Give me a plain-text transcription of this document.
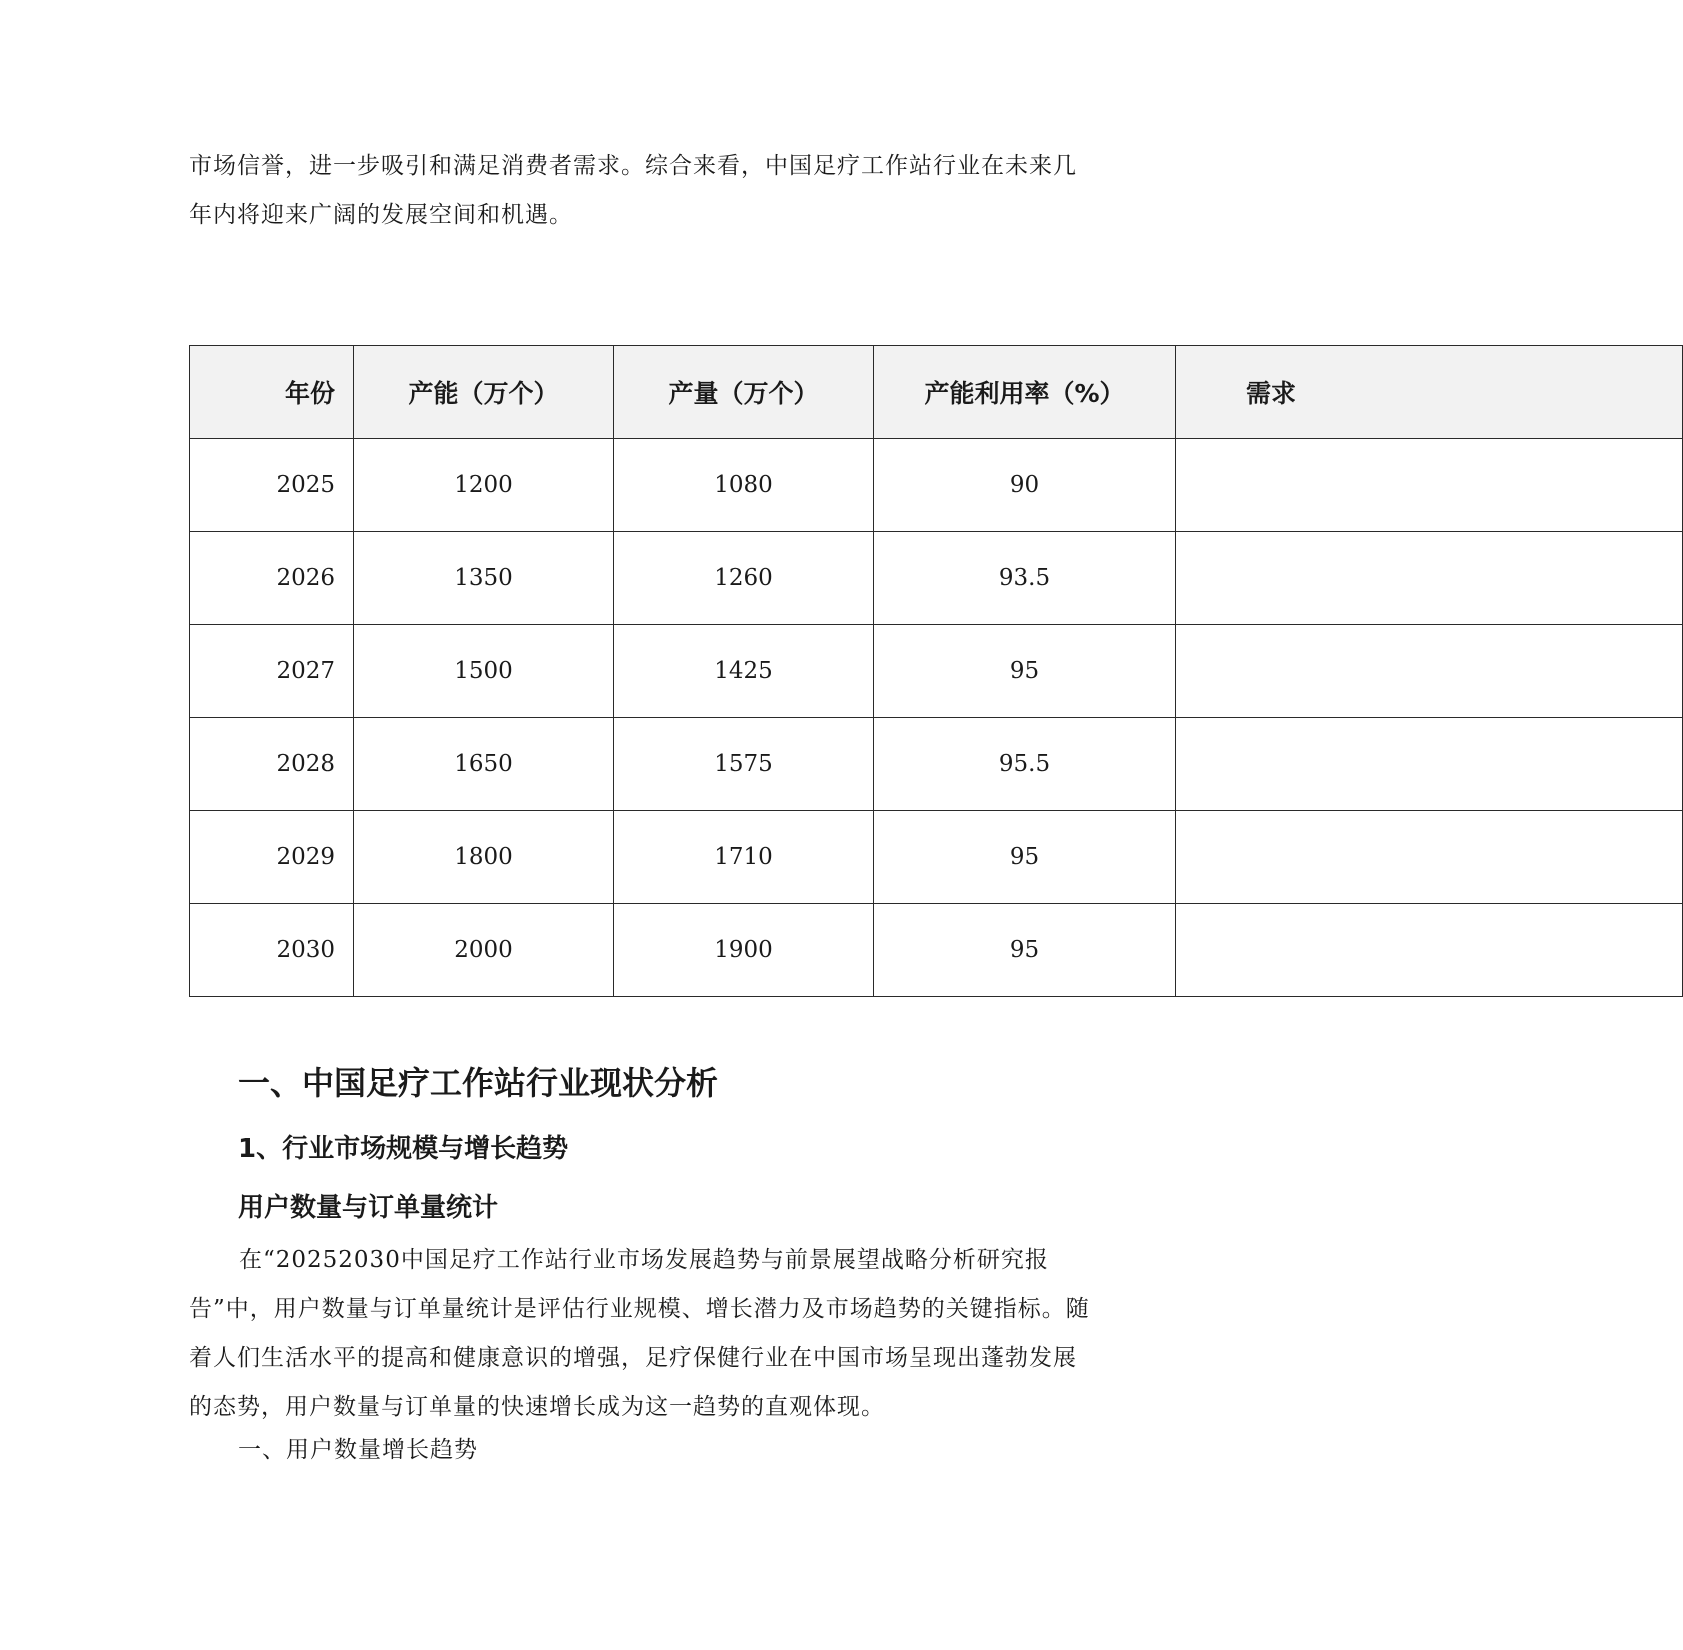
市场信誉，进一步吸引和满足消费者需求。综合来看，中国足疗工作站行业在未来几年内将迎来广阔的发展空间和机遇。

年份	产能（万个）	产量（万个）	产能利用率（%）	需求
2025	1200	1080	90	
2026	1350	1260	93.5	
2027	1500	1425	95	
2028	1650	1575	95.5	
2029	1800	1710	95	
2030	2000	1900	95	
一、中国足疗工作站行业现状分析
1、行业市场规模与增长趋势
用户数量与订单量统计

在“20252030中国足疗工作站行业市场发展趋势与前景展望战略分析研究报告”中，用户数量与订单量统计是评估行业规模、增长潜力及市场趋势的关键指标。随着人们生活水平的提高和健康意识的增强，足疗保健行业在中国市场呈现出蓬勃发展的态势，用户数量与订单量的快速增长成为这一趋势的直观体现。

一、用户数量增长趋势
